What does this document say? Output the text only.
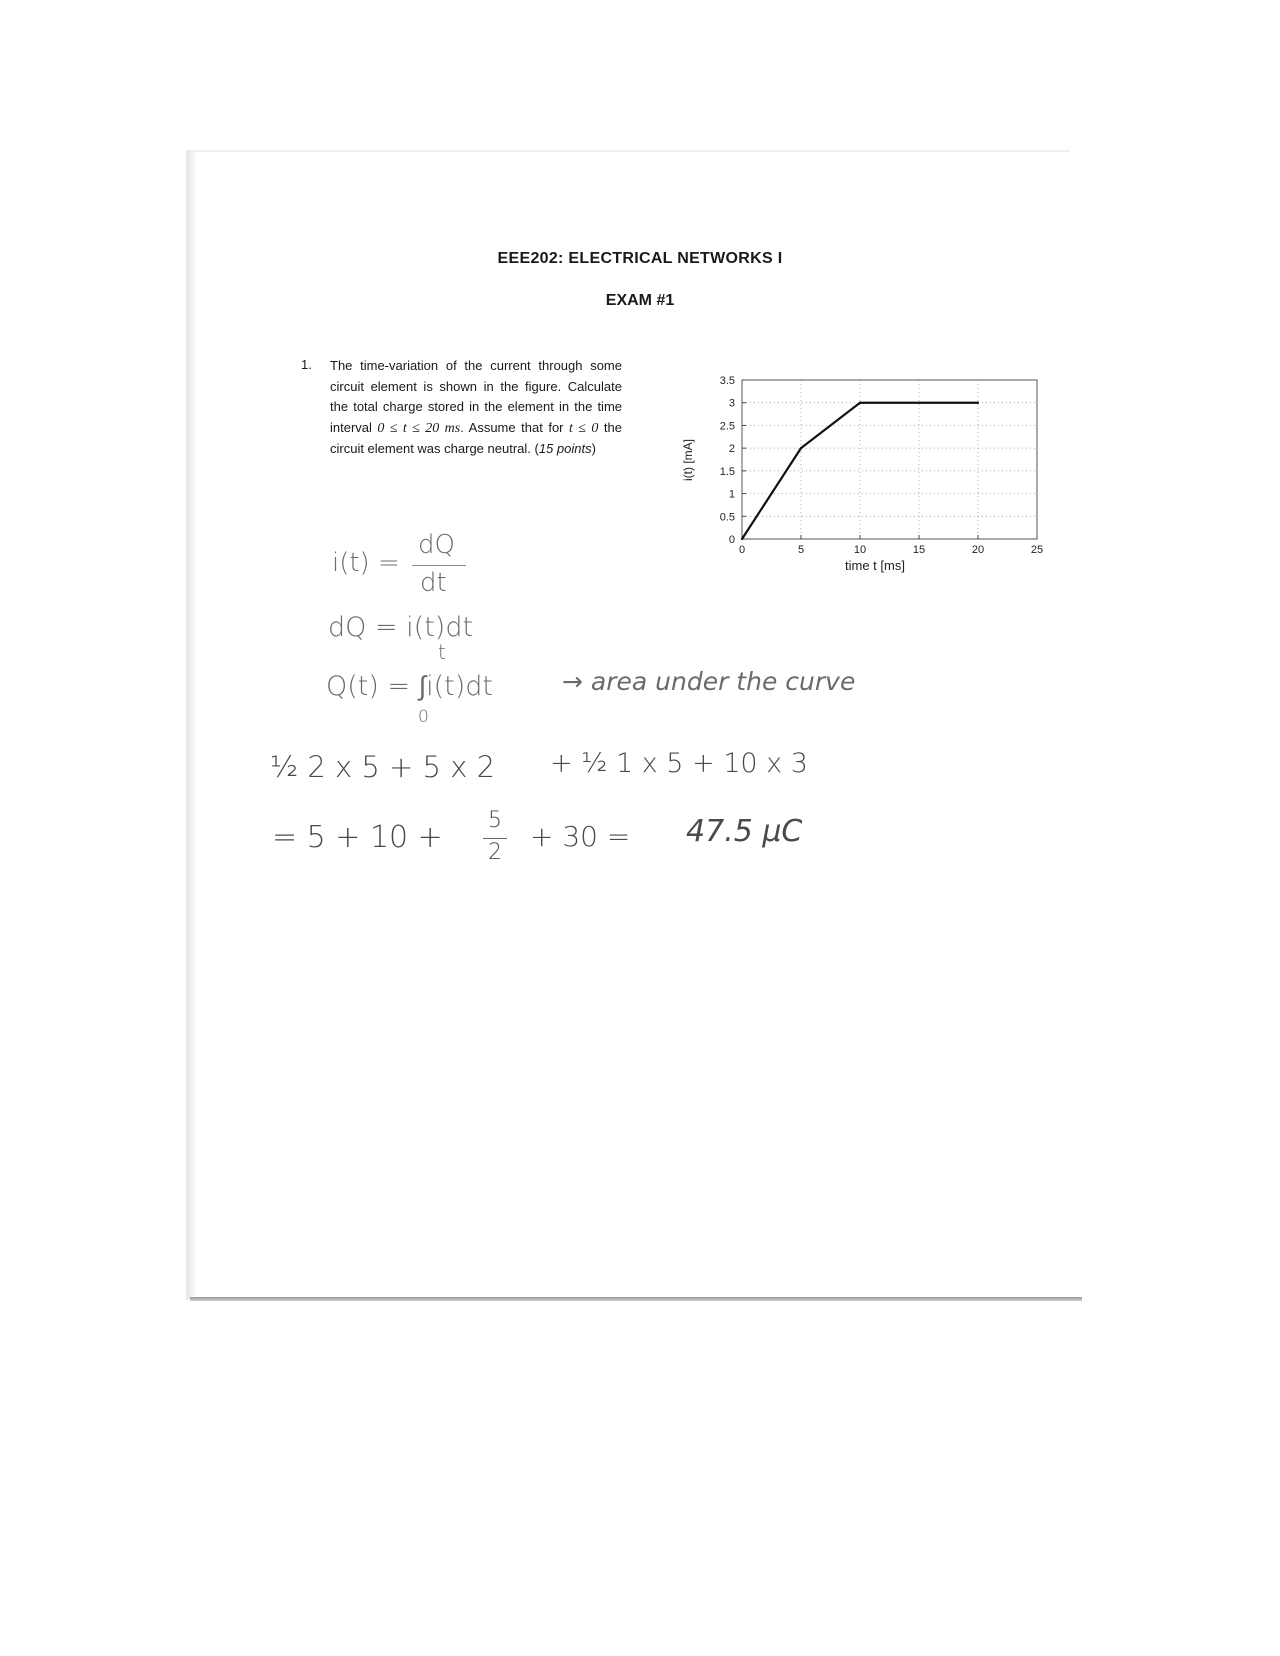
EEE202: ELECTRICAL NETWORKS I
EXAM #1
1. The time-variation of the current through some circuit element is shown in the figure. Calculate the total charge stored in the element in the time interval 0 ≤ t ≤ 20 ms. Assume that for t ≤ 0 the circuit element was charge neutral. (15 points)
0	5	10	15	20	25
0
0.5
1
1.5
2
2.5
3
3.5
i(t) [mA]
time t [ms]
i(t) =
dQ
dt
dQ = i(t)dt
t
Q(t) = ∫i(t)dt
0
→ area under the curve
½ 2 x 5 + 5 x 2 + ½ 1 x 5 + 10 x 3
= 5 + 10 + 5
2 + 30 = 47.5 μC
